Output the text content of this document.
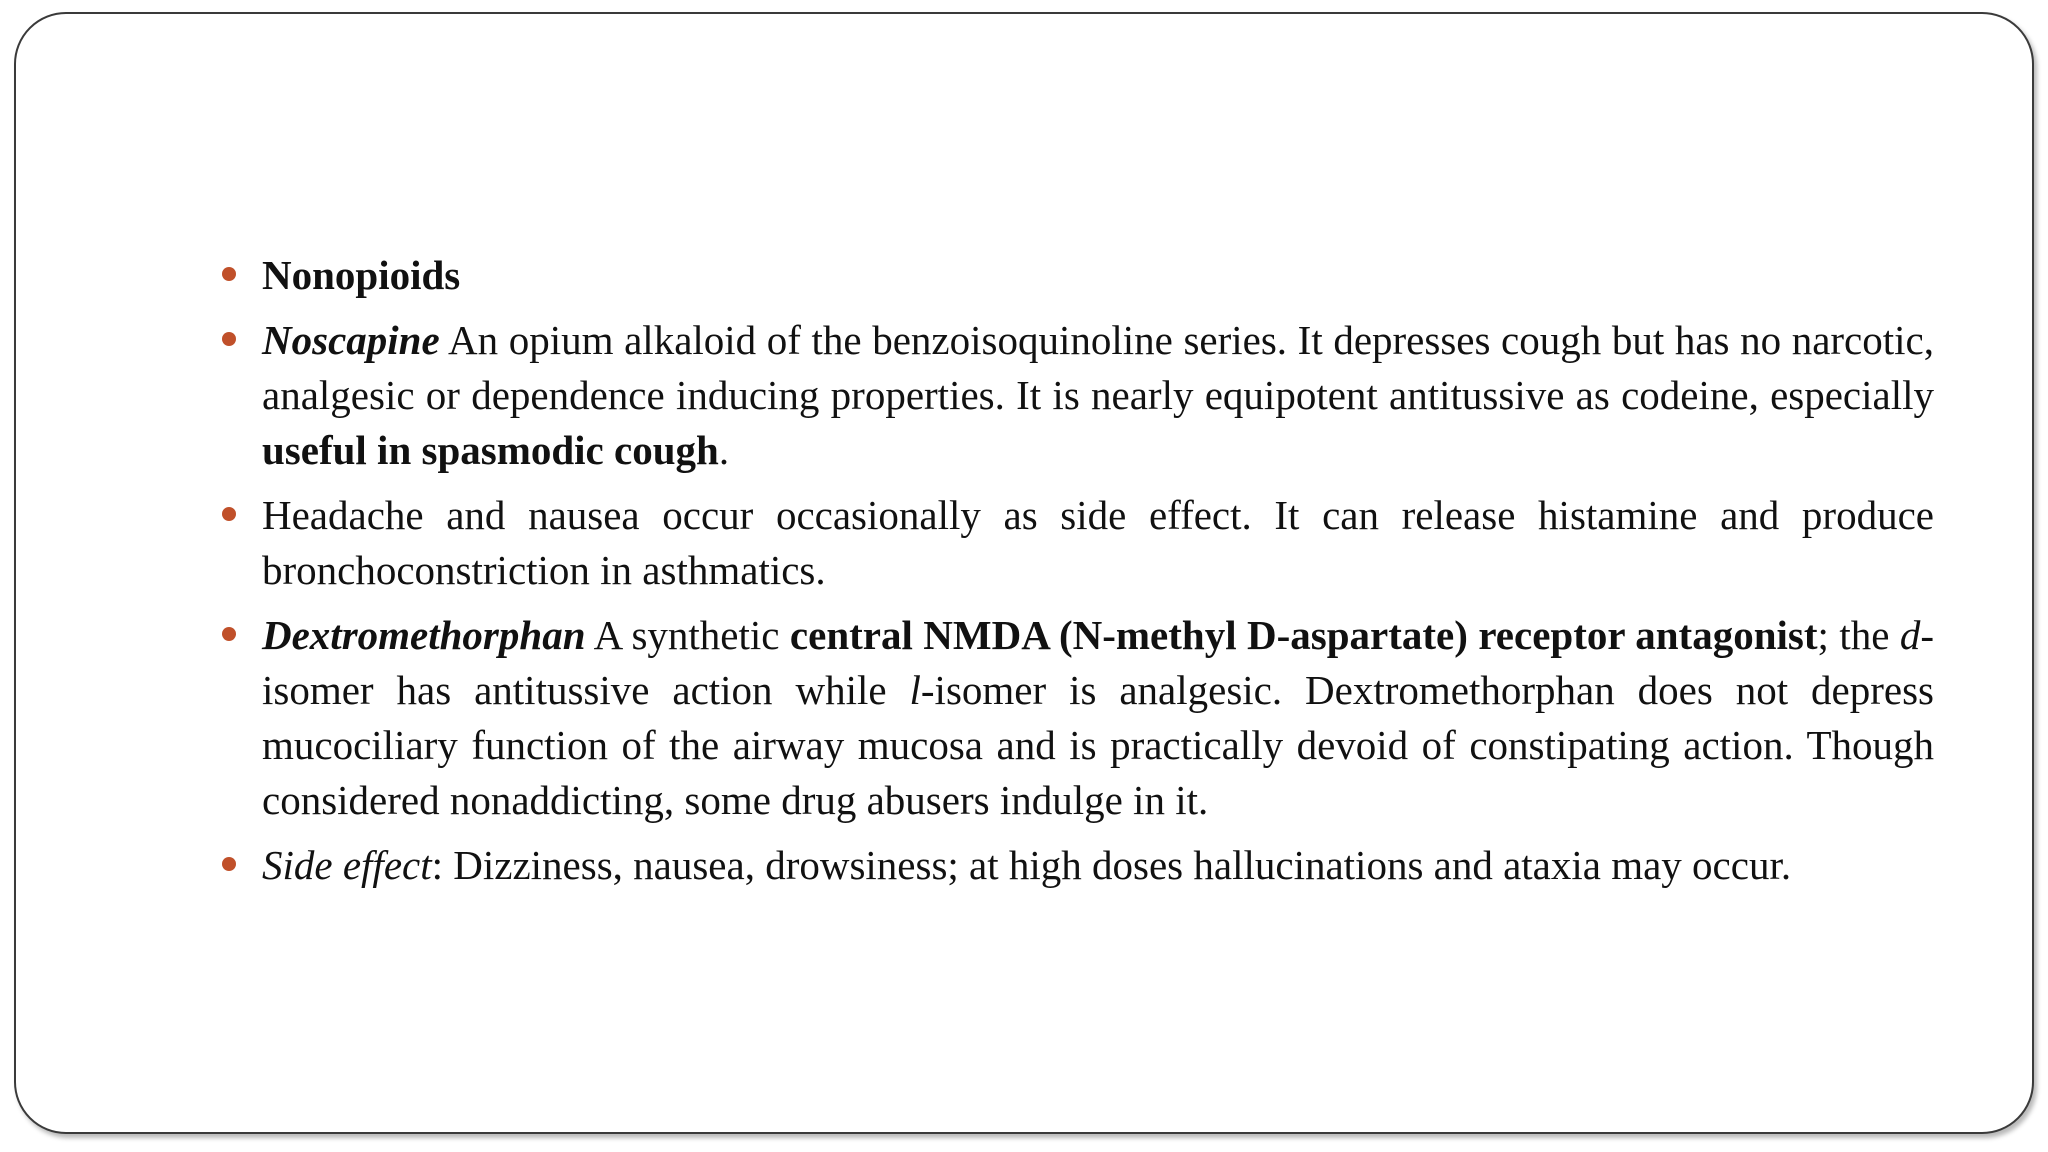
Nonopioids
Noscapine An opium alkaloid of the benzoisoquinoline series. It depresses cough but has no narcotic, analgesic or dependence inducing properties. It is nearly equipotent antitussive as codeine, especially useful in spasmodic cough.
Headache and nausea occur occasionally as side effect. It can release histamine and produce bronchoconstriction in asthmatics.
Dextromethorphan A synthetic central NMDA (N-methyl D-aspartate) receptor antagonist; the d-isomer has antitussive action while l-isomer is analgesic. Dextromethorphan does not depress mucociliary function of the airway mucosa and is practically devoid of constipating action. Though considered nonaddicting, some drug abusers indulge in it.
Side effect: Dizziness, nausea, drowsiness; at high doses hallucinations and ataxia may occur.
